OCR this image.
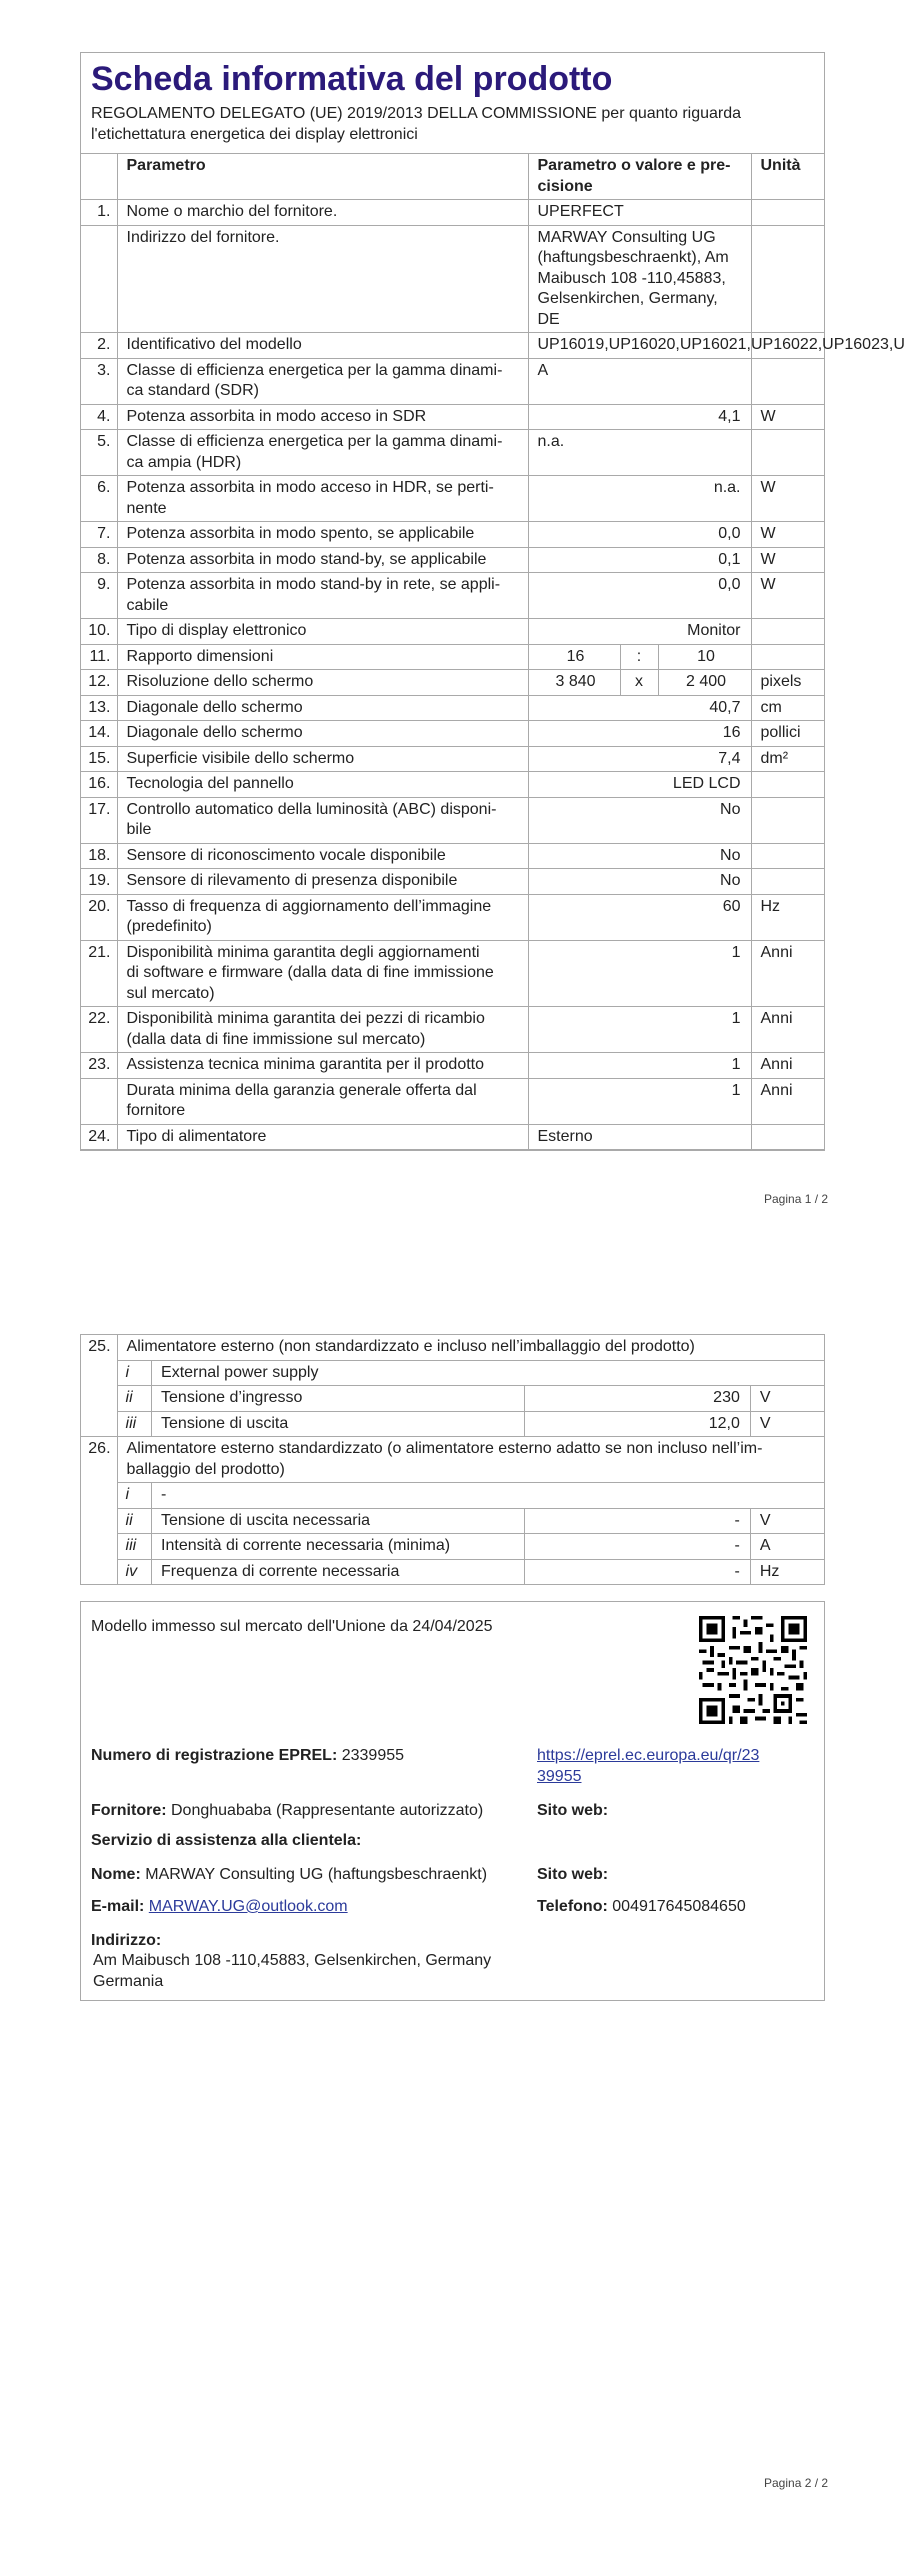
Scheda informativa del prodotto
REGOLAMENTO DELEGATO (UE) 2019/2013 DELLA COMMISSIONE per quanto riguarda
l'etichettatura energetica dei display elettronici
	Parametro	Parametro o valore e pre-
cisione			Unità
1.	Nome o marchio del fornitore.	UPERFECT			
	Indirizzo del fornitore.	MARWAY Consulting UG
(haftungsbeschraenkt), Am
Maibusch 108 -110,45883,
Gelsenkirchen, Germany,
DE			

2.	Identificativo del modello	UP16019,UP16020,UP16021,UP16022,UP16023,U			

3.	Classe di efficienza energetica per la gamma dinami-
ca standard (SDR)	A			
4.	Potenza assorbita in modo acceso in SDR	4,1			W
5.	Classe di efficienza energetica per la gamma dinami-
ca ampia (HDR)	n.a.			
6.	Potenza assorbita in modo acceso in HDR, se perti-
nente	n.a.			W
7.	Potenza assorbita in modo spento, se applicabile	0,0			W
8.	Potenza assorbita in modo stand-by, se applicabile	0,1			W
9.	Potenza assorbita in modo stand-by in rete, se appli-
cabile	0,0			W
10.	Tipo di display elettronico	Monitor			
11.	Rapporto dimensioni	16	:	10	
12.	Risoluzione dello schermo	3 840	x	2 400	pixels
13.	Diagonale dello schermo	40,7			cm
14.	Diagonale dello schermo	16			pollici
15.	Superficie visibile dello schermo	7,4			dm²
16.	Tecnologia del pannello	LED LCD			
17.	Controllo automatico della luminosità (ABC) disponi-
bile	No			
18.	Sensore di riconoscimento vocale disponibile	No			
19.	Sensore di rilevamento di presenza disponibile	No			
20.	Tasso di frequenza di aggiornamento dell’immagine
(predefinito)	60			Hz
21.	Disponibilità minima garantita degli aggiornamenti
di software e firmware (dalla data di fine immissione
sul mercato)	1			Anni
22.	Disponibilità minima garantita dei pezzi di ricambio
(dalla data di fine immissione sul mercato)	1			Anni
23.	Assistenza tecnica minima garantita per il prodotto	1			Anni

	Durata minima della garanzia generale offerta dal
fornitore	1			Anni
24.	Tipo di alimentatore	Esterno			
Pagina 1 / 2
25.	Alimentatore esterno (non standardizzato e incluso nell’imballaggio del prodotto)			
	i	External power supply		
	ii	Tensione d’ingresso	230	V
	iii	Tensione di uscita	12,0	V
26.	Alimentatore esterno standardizzato (o alimentatore esterno adatto se non incluso nell’im-
ballaggio del prodotto)			

	i	-		
	ii	Tensione di uscita necessaria	-	V
	iii	Intensità di corrente necessaria (minima)	-	A
	iv	Frequenza di corrente necessaria	-	Hz
Modello immesso sul mercato dell'Unione da 24/04/2025
Numero di registrazione EPREL: 2339955	https://eprel.ec.europa.eu/qr/23
39955
Fornitore: Donghuababa (Rappresentante autorizzato)	Sito web:
Servizio di assistenza alla clientela:
Nome: MARWAY Consulting UG (haftungsbeschraenkt)	Sito web:
E-mail: MARWAY.UG@outlook.com	Telefono: 004917645084650
Indirizzo:
Am Maibusch 108 -110,45883, Gelsenkirchen, Germany
Germania
Pagina 2 / 2
